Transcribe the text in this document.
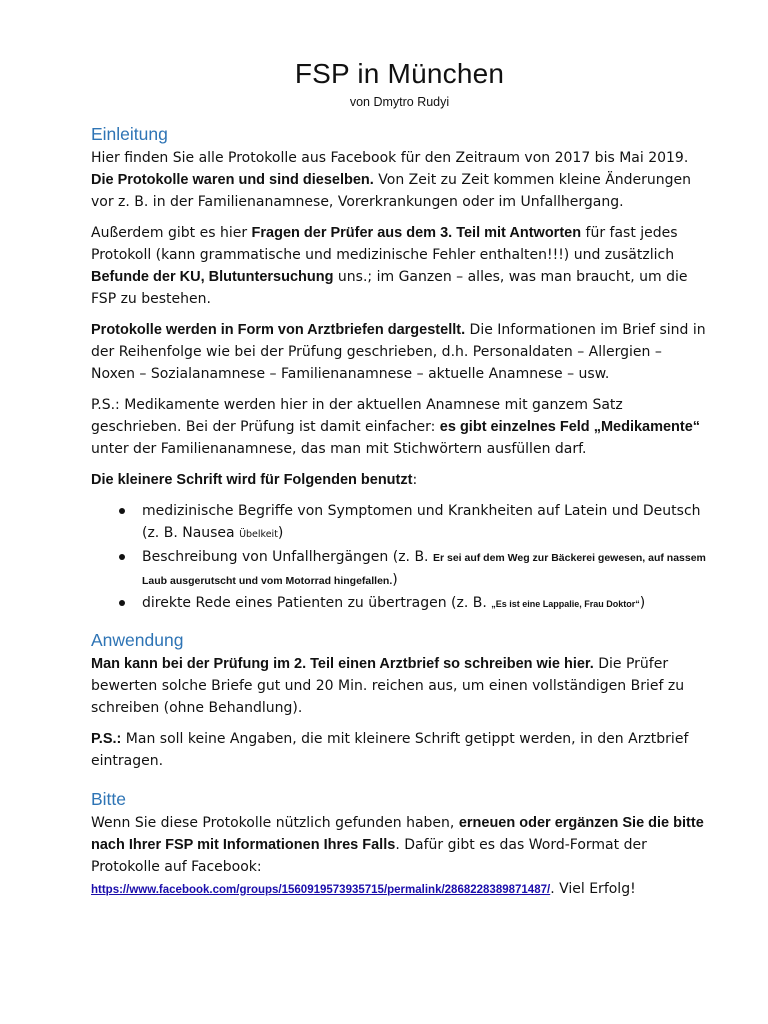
FSP in München
von Dmytro Rudyi
Einleitung

Hier finden Sie alle Protokolle aus Facebook für den Zeitraum von 2017 bis Mai 2019. Die Protokolle waren und sind dieselben. Von Zeit zu Zeit kommen kleine Änderungen vor z. B. in der Familienanamnese, Vorerkrankungen oder im Unfallhergang.

Außerdem gibt es hier Fragen der Prüfer aus dem 3. Teil mit Antworten für fast jedes Protokoll (kann grammatische und medizinische Fehler enthalten!!!) und zusätzlich Befunde der KU, Blutuntersuchung uns.; im Ganzen – alles, was man braucht, um die FSP zu bestehen.

Protokolle werden in Form von Arztbriefen dargestellt. Die Informationen im Brief sind in der Reihenfolge wie bei der Prüfung geschrieben, d.h. Personaldaten – Allergien – Noxen – Sozialanamnese – Familienanamnese – aktuelle Anamnese – usw.

P.S.: Medikamente werden hier in der aktuellen Anamnese mit ganzem Satz geschrieben. Bei der Prüfung ist damit einfacher: es gibt einzelnes Feld „Medikamente“ unter der Familienanamnese, das man mit Stichwörtern ausfüllen darf.

Die kleinere Schrift wird für Folgenden benutzt:

medizinische Begriffe von Symptomen und Krankheiten auf Latein und Deutsch (z. B. Nausea Übelkeit)
Beschreibung von Unfallhergängen (z. B. Er sei auf dem Weg zur Bäckerei gewesen, auf nassem Laub ausgerutscht und vom Motorrad hingefallen.)
direkte Rede eines Patienten zu übertragen (z. B. „Es ist eine Lappalie, Frau Doktor“)
Anwendung

Man kann bei der Prüfung im 2. Teil einen Arztbrief so schreiben wie hier. Die Prüfer bewerten solche Briefe gut und 20 Min. reichen aus, um einen vollständigen Brief zu schreiben (ohne Behandlung).

P.S.: Man soll keine Angaben, die mit kleinere Schrift getippt werden, in den Arztbrief eintragen.

Bitte

Wenn Sie diese Protokolle nützlich gefunden haben, erneuen oder ergänzen Sie die bitte nach Ihrer FSP mit Informationen Ihres Falls. Dafür gibt es das Word-Format der Protokolle auf Facebook:
https://www.facebook.com/groups/1560919573935715/permalink/2868228389871487/. Viel Erfolg!
